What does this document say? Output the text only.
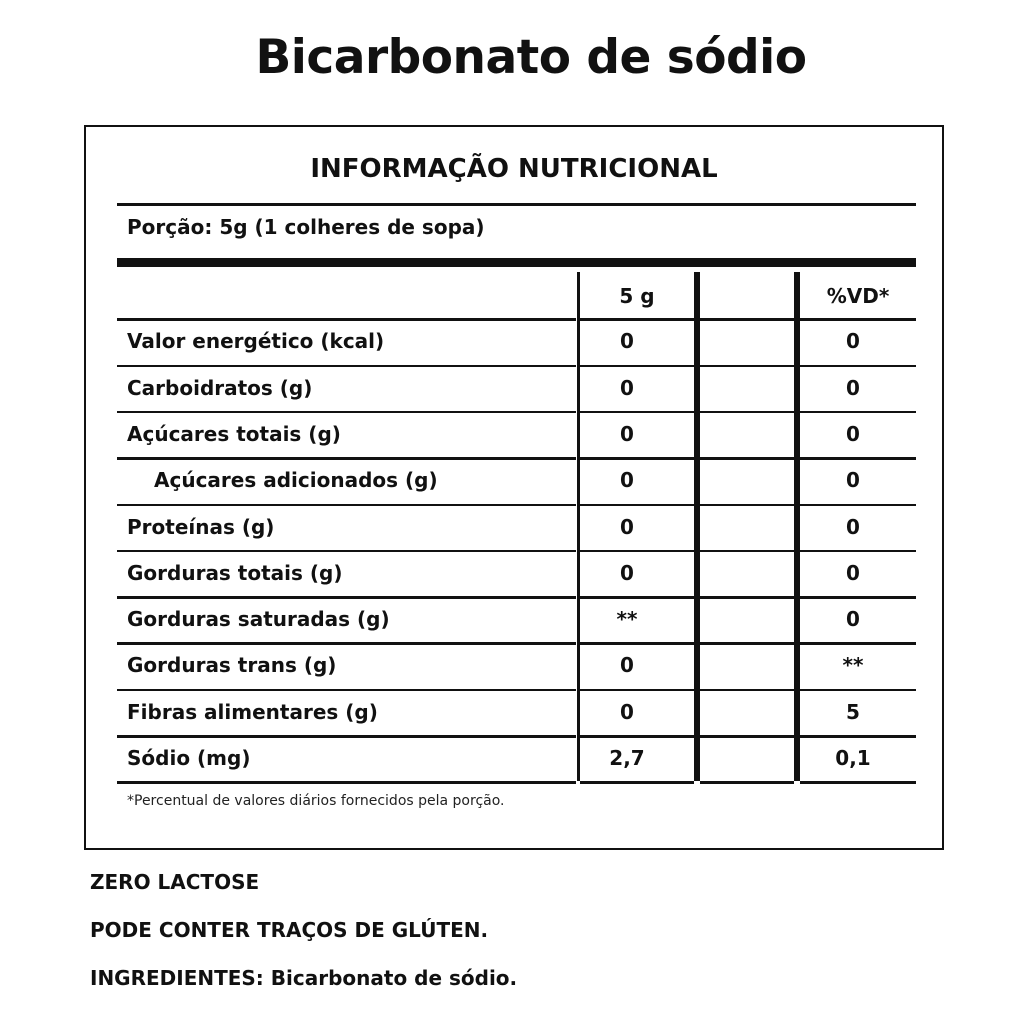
Bicarbonato de sódio
INFORMAÇÃO NUTRICIONAL
Porção: 5g (1 colheres de sopa)
5 g	%VD*
Valor energético (kcal)	0	0
Carboidratos (g)	0	0
Açúcares totais (g)	0	0
Açúcares adicionados (g)	0	0
Proteínas (g)	0	0
Gorduras totais (g)	0	0
Gorduras saturadas (g)	**	0
Gorduras trans (g)	0	**
Fibras alimentares (g)	0	5
Sódio (mg)	2,7	0,1
*Percentual de valores diários fornecidos pela porção.
ZERO LACTOSE
PODE CONTER TRAÇOS DE GLÚTEN.
INGREDIENTES: Bicarbonato de sódio.
